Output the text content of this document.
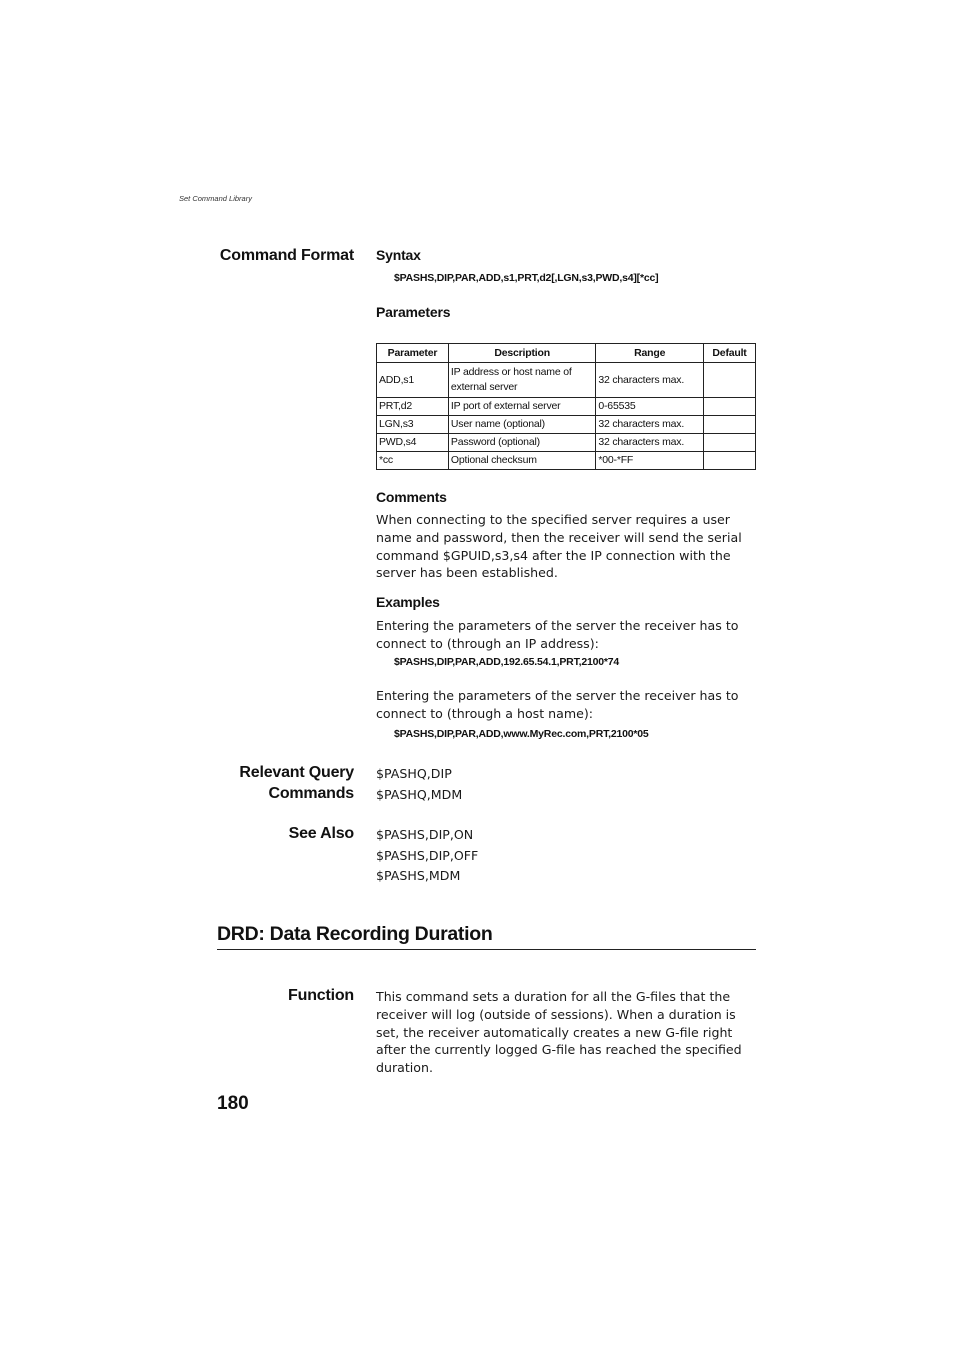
Set Command Library
Command Format Syntax
$PASHS,DIP,PAR,ADD,s1,PRT,d2[,LGN,s3,PWD,s4][*cc]
Parameters
Parameter	Description	Range	Default
ADD,s1	IP address or host name of external server	32 characters max.	
PRT,d2	IP port of external server	0-65535	
LGN,s3	User name (optional)	32 characters max.	
PWD,s4	Password (optional)	32 characters max.	
*cc	Optional checksum	*00-*FF	
Comments
When connecting to the specified server requires a user name and password, then the receiver will send the serial command $GPUID,s3,s4 after the IP connection with the server has been established.
Examples
Entering the parameters of the server the receiver has to connect to (through an IP address):
$PASHS,DIP,PAR,ADD,192.65.54.1,PRT,2100*74
Entering the parameters of the server the receiver has to connect to (through a host name):
$PASHS,DIP,PAR,ADD,www.MyRec.com,PRT,2100*05
Relevant Query
Commands
$PASHQ,DIP
$PASHQ,MDM
See Also $PASHS,DIP,ON
$PASHS,DIP,OFF
$PASHS,MDM
DRD: Data Recording Duration
Function This command sets a duration for all the G-files that the receiver will log (outside of sessions). When a duration is set, the receiver automatically creates a new G-file right after the currently logged G-file has reached the specified duration.
180
